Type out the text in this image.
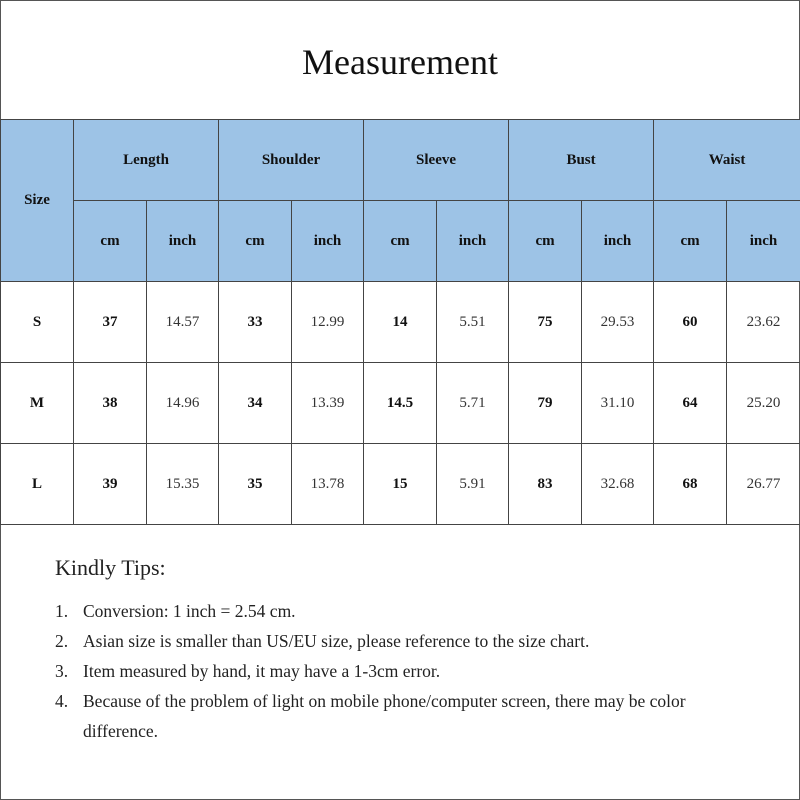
Measurement
Size	Length		Shoulder		Sleeve		Bust		Waist	
	cm	inch	cm	inch	cm	inch	cm	inch	cm	inch
S	37	14.57	33	12.99	14	5.51	75	29.53	60	23.62
M	38	14.96	34	13.39	14.5	5.71	79	31.10	64	25.20
L	39	15.35	35	13.78	15	5.91	83	32.68	68	26.77
Kindly Tips:
1. Conversion: 1 inch = 2.54 cm.
2. Asian size is smaller than US/EU size, please reference to the size chart.
3. Item measured by hand, it may have a 1-3cm error.
4. Because of the problem of light on mobile phone/computer screen, there may be color difference.
